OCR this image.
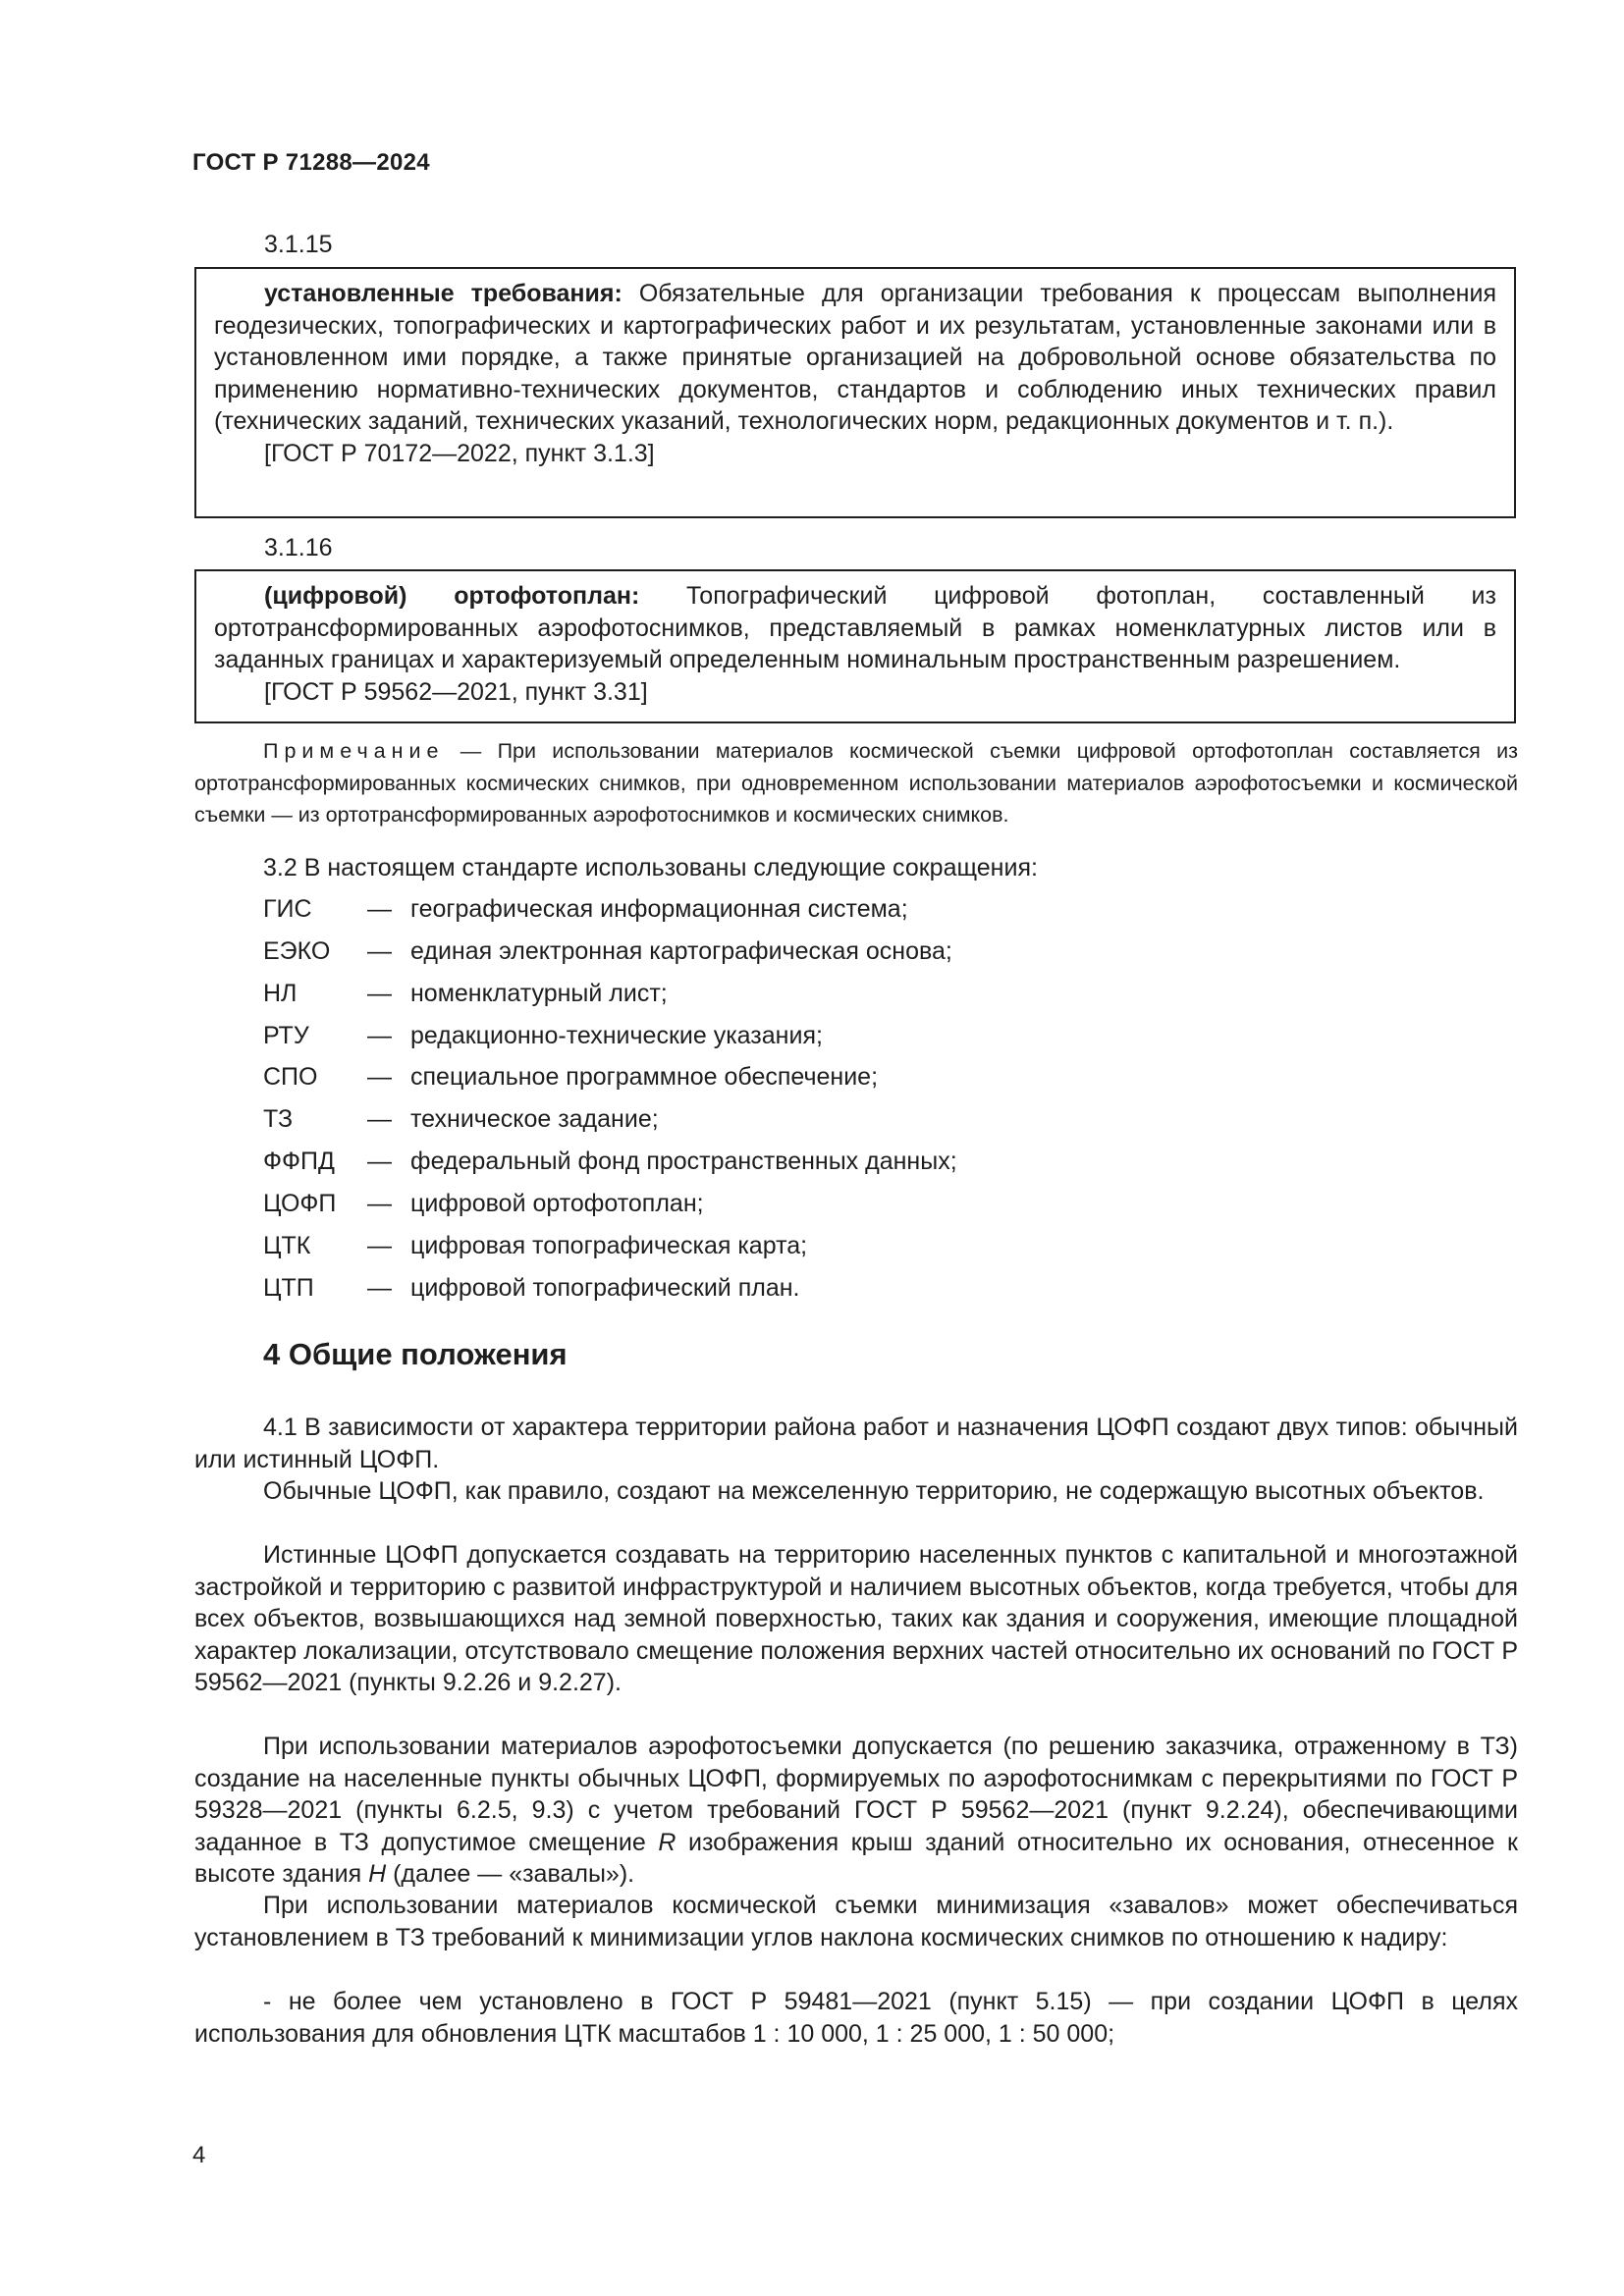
ГОСТ Р 71288—2024
3.1.15

установленные требования: Обязательные для организации требования к процессам выполнения геодезических, топографических и картографических работ и их результатам, установленные законами или в установленном ими порядке, а также принятые организацией на добровольной основе обязательства по применению нормативно-технических документов, стандартов и соблюдению иных технических правил (технических заданий, технических указаний, технологических норм, редакционных документов и т. п.).

[ГОСТ Р 70172—2022, пункт 3.1.3]

3.1.16

(цифровой) ортофотоплан: Топографический цифровой фотоплан, составленный из ортотрансформированных аэрофотоснимков, представляемый в рамках номенклатурных листов или в заданных границах и характеризуемый определенным номинальным пространственным разрешением.

[ГОСТ Р 59562—2021, пункт 3.31]

Примечание — При использовании материалов космической съемки цифровой ортофотоплан составляется из ортотрансформированных космических снимков, при одновременном использовании материалов аэрофотосъемки и космической съемки — из ортотрансформированных аэрофотоснимков и космических снимков.

3.2 В настоящем стандарте использованы следующие сокращения:

ГИС — географическая информационная система;
ЕЭКО — единая электронная картографическая основа;
НЛ	— номенклатурный лист;
РТУ — редакционно-технические указания;
СПО — специальное программное обеспечение;
ТЗ	— техническое задание;
ФФПД — федеральный фонд пространственных данных;
ЦОФП — цифровой ортофотоплан;
ЦТК — цифровая топографическая карта;
ЦТП — цифровой топографический план.
4 Общие положения

4.1 В зависимости от характера территории района работ и назначения ЦОФП создают двух типов: обычный или истинный ЦОФП.

Обычные ЦОФП, как правило, создают на межселенную территорию, не содержащую высотных объектов.

Истинные ЦОФП допускается создавать на территорию населенных пунктов с капитальной и многоэтажной застройкой и территорию с развитой инфраструктурой и наличием высотных объектов, когда требуется, чтобы для всех объектов, возвышающихся над земной поверхностью, таких как здания и сооружения, имеющие площадной характер локализации, отсутствовало смещение положения верхних частей относительно их оснований по ГОСТ Р 59562—2021 (пункты 9.2.26 и 9.2.27).

При использовании материалов аэрофотосъемки допускается (по решению заказчика, отраженному в ТЗ) создание на населенные пункты обычных ЦОФП, формируемых по аэрофотоснимкам с перекрытиями по ГОСТ Р 59328—2021 (пункты 6.2.5, 9.3) с учетом требований ГОСТ Р 59562—2021 (пункт 9.2.24), обеспечивающими заданное в ТЗ допустимое смещение R изображения крыш зданий относительно их основания, отнесенное к высоте здания H (далее — «завалы»).

При использовании материалов космической съемки минимизация «завалов» может обеспечиваться установлением в ТЗ требований к минимизации углов наклона космических снимков по отношению к надиру:

- не более чем установлено в ГОСТ Р 59481—2021 (пункт 5.15) — при создании ЦОФП в целях использования для обновления ЦТК масштабов 1 : 10 000, 1 : 25 000, 1 : 50 000;

4
